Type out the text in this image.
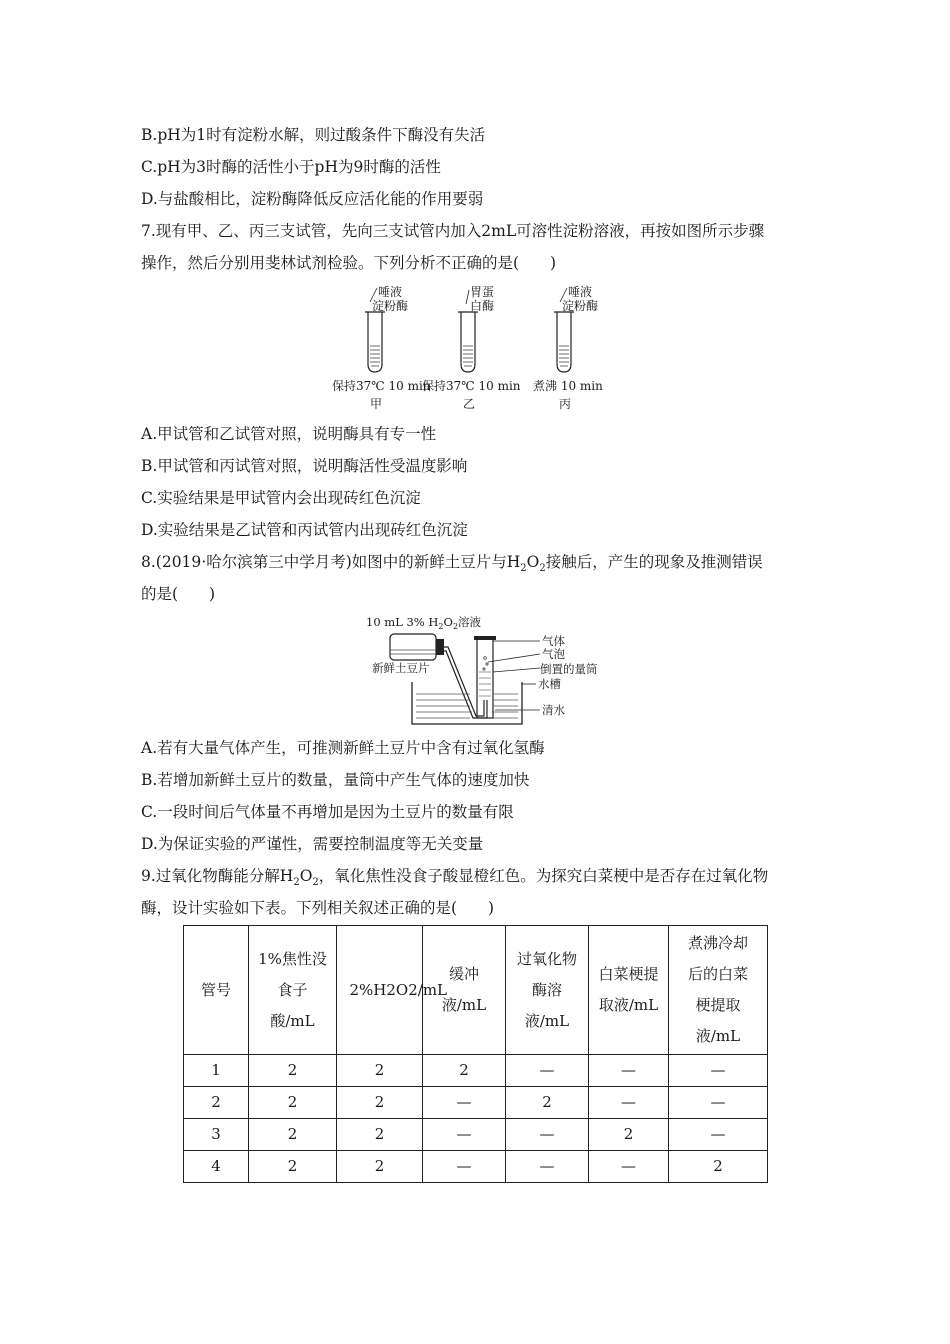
B.pH为1时有淀粉水解，则过酸条件下酶没有失活
C.pH为3时酶的活性小于pH为9时酶的活性
D.与盐酸相比，淀粉酶降低反应活化能的作用要弱
7.现有甲、乙、丙三支试管，先向三支试管内加入2mL可溶性淀粉溶液，再按如图所示步骤
操作，然后分别用斐林试剂检验。下列分析不正确的是(　　)
唾液
淀粉酶
保持37℃ 10 min
甲
胃蛋
白酶
保持37℃ 10 min
乙
唾液
淀粉酶
煮沸 10 min
丙
A.甲试管和乙试管对照，说明酶具有专一性
B.甲试管和丙试管对照，说明酶活性受温度影响
C.实验结果是甲试管内会出现砖红色沉淀
D.实验结果是乙试管和丙试管内出现砖红色沉淀
8.(2019·哈尔滨第三中学月考)如图中的新鲜土豆片与$H_2O_2$接触后，产生的现象及推测错误
的是(　　)
10 mL 3% $H_2O_2$溶液
新鲜土豆片
气体
气泡
倒置的量筒
水槽
清水
A.若有大量气体产生，可推测新鲜土豆片中含有过氧化氢酶
B.若增加新鲜土豆片的数量，量筒中产生气体的速度加快
C.一段时间后气体量不再增加是因为土豆片的数量有限
D.为保证实验的严谨性，需要控制温度等无关变量
9.过氧化物酶能分解$H_2O_2$，氧化焦性没食子酸显橙红色。为探究白菜梗中是否存在过氧化物
酶，设计实验如下表。下列相关叙述正确的是(　　)
管号	1%焦性没食子酸/mL	2%H2O2/mL	缓冲液/mL	过氧化物酶溶液/mL	白菜梗提取液/mL	煮沸冷却后的白菜梗提取液/mL
1	2	2	2	—	—	—
2	2	2	—	2	—	—
3	2	2	—	—	2	—
4	2	2	—	—	—	2
